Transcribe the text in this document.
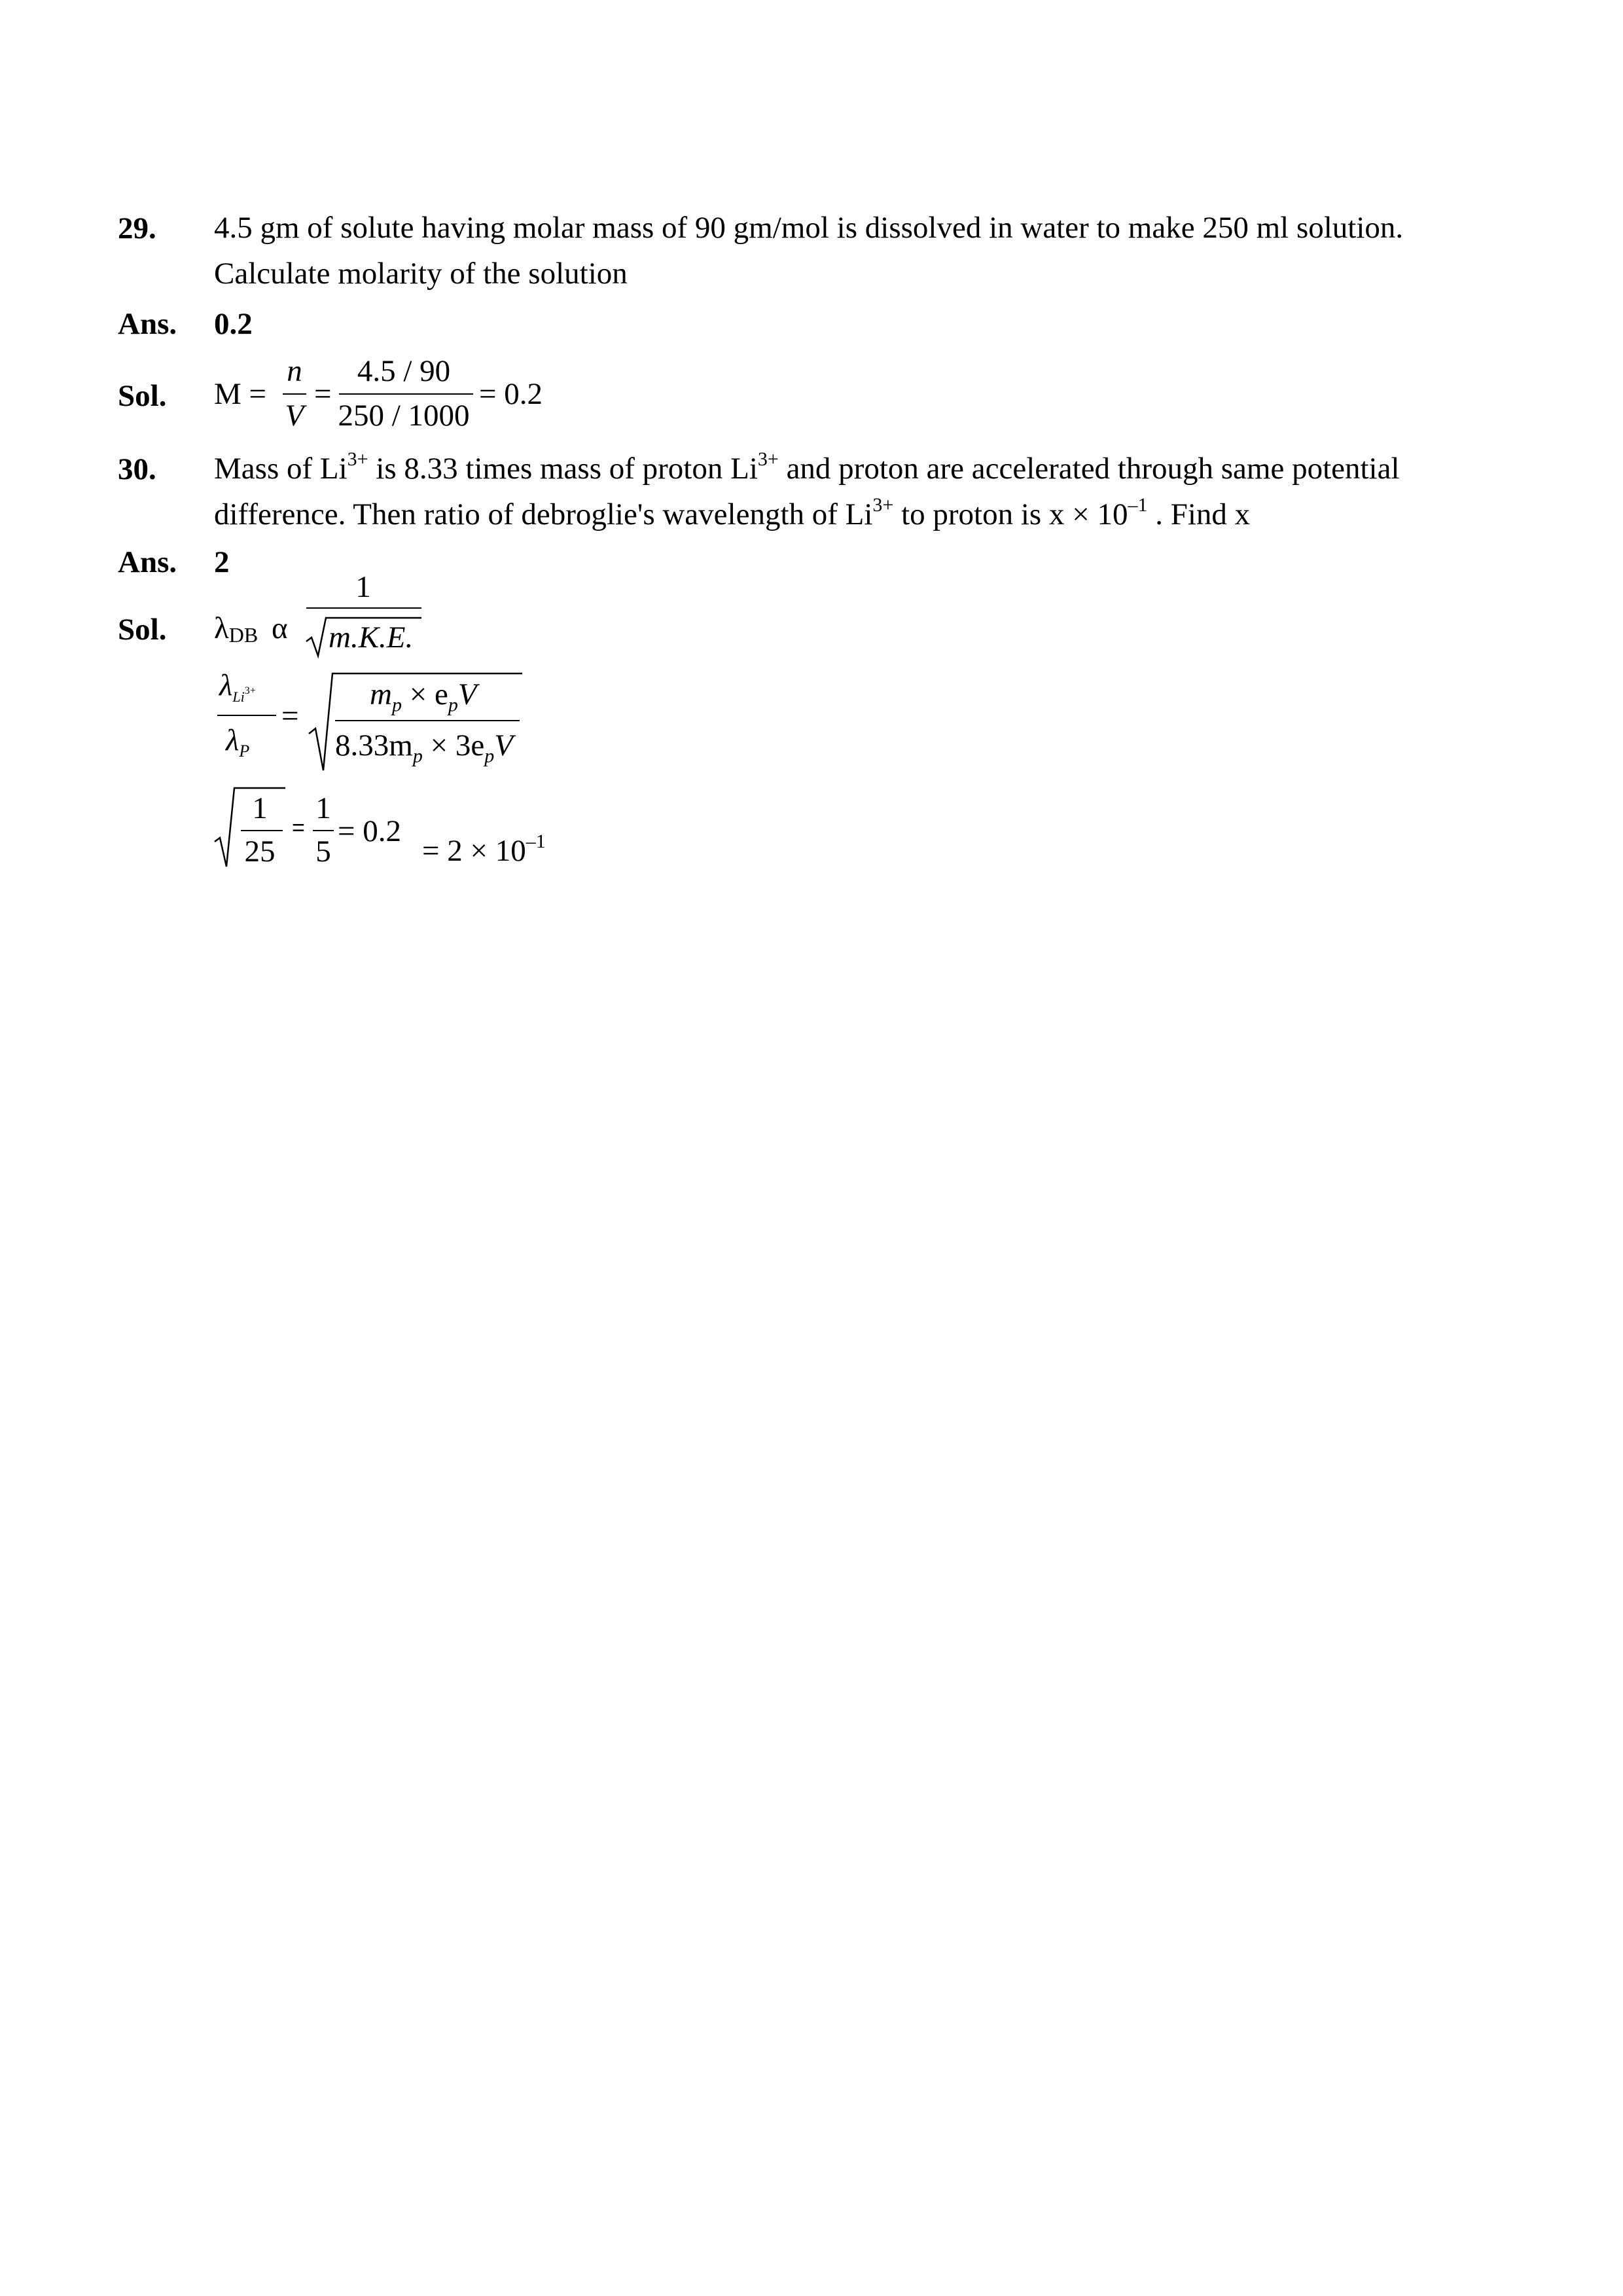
29. 4.5 gm of solute having molar mass of 90 gm/mol is dissolved in water to make 250 ml solution.
Calculate molarity of the solution
Ans. 0.2
Sol. M =
n
V
=
4.5 / 90
250 / 1000
= 0.2
30. Mass of $Li^{3+}$ is 8.33 times mass of proton $Li^{3+}$ and proton are accelerated through same potential
difference. Then ratio of debroglie's wavelength of $Li^{3+}$ to proton is $x \times 10^{-1}$ . Find x
Ans. 2
Sol. λDB α
1
m.K.E.
$\lambda_{Li}3+$
$\lambda_P$
=
$m_p \times e_pV$
$8.33m_p \times 3e_pV$
1
25
=
1
5
= 0.2
= $2 \times 10^{-1}$
